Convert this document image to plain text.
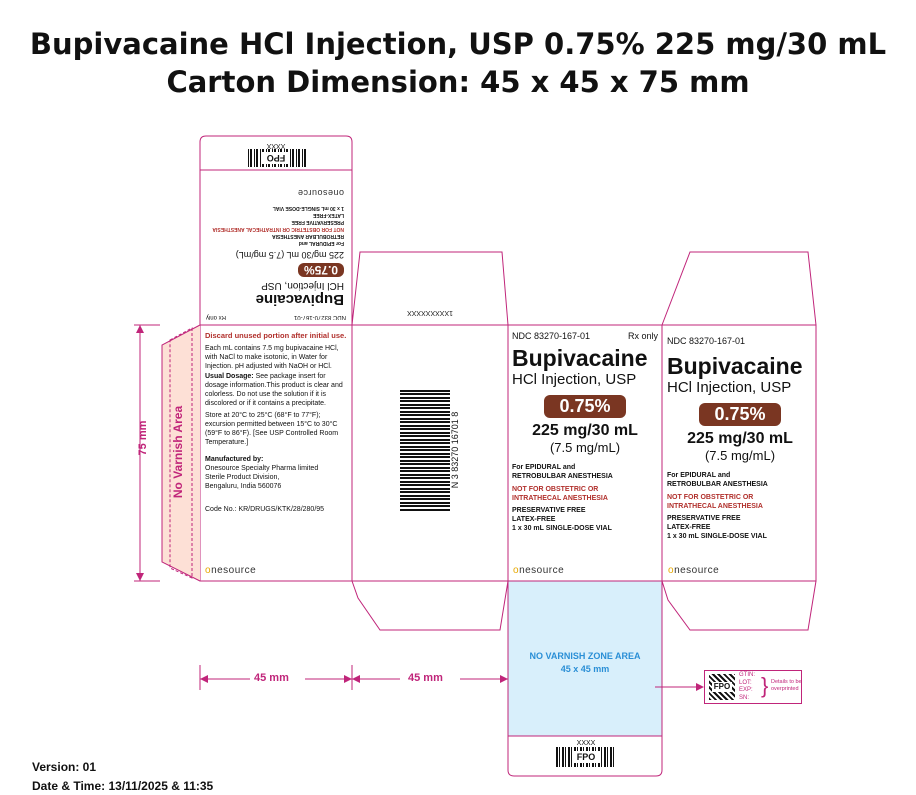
Bupivacaine HCl Injection, USP 0.75% 225 mg/30 mL
Carton Dimension: 45 x 45 x 75 mm
75 mm
45 mm	45 mm
No Varnish Area
FPO
XXXX
NDC 83270-167-01
Rx only
Bupivacaine
HCl Injection, USP
0.75%
225 mg/30 mL (7.5 mg/mL)
For EPIDURAL and
RETROBULBAR ANESTHESIA
NOT FOR OBSTETRIC OR INTRATHECAL ANESTHESIA
PRESERVATIVE FREE
LATEX-FREE
1 x 30 mL SINGLE-DOSE VIAL
onesource
Discard unused portion after initial use.
Each mL contains 7.5 mg bupivacaine HCl, with NaCl to make isotonic, in Water for Injection. pH adjusted with NaOH or HCl.
Usual Dosage: See package insert for dosage information.This product is clear and colorless. Do not use the solution if it is discolored or if it contains a precipitate.
Store at 20°C to 25°C (68°F to 77°F); excursion permitted between 15°C to 30°C (59°F to 86°F). [See USP Controlled Room Temperature.]
Manufactured by:
Onesource Specialty Pharma limited
Sterile Product Division,
Bengaluru, India 560076
Code No.: KR/DRUGS/KTK/28/280/95
onesource
1XXXXXXXXX
N 3 83270 16701 8
NDC 83270-167-01	Rx only
Bupivacaine
HCl Injection, USP
0.75%
225 mg/30 mL
(7.5 mg/mL)
For EPIDURAL and
RETROBULBAR ANESTHESIA
NOT FOR OBSTETRIC OR
INTRATHECAL ANESTHESIA
PRESERVATIVE FREE
LATEX-FREE
1 x 30 mL SINGLE-DOSE VIAL
onesource
NDC 83270-167-01
Bupivacaine
HCl Injection, USP
0.75%
225 mg/30 mL
(7.5 mg/mL)
For EPIDURAL and
RETROBULBAR ANESTHESIA
NOT FOR OBSTETRIC OR
INTRATHECAL ANESTHESIA
PRESERVATIVE FREE
LATEX-FREE
1 x 30 mL SINGLE-DOSE VIAL
onesource
NO VARNISH ZONE AREA
45 x 45 mm
XXXX
FPO
FPO
GTIN:
LOT:
EXP:
SN: } Details to be overprinted
Version: 01
Date & Time: 13/11/2025 & 11:35
